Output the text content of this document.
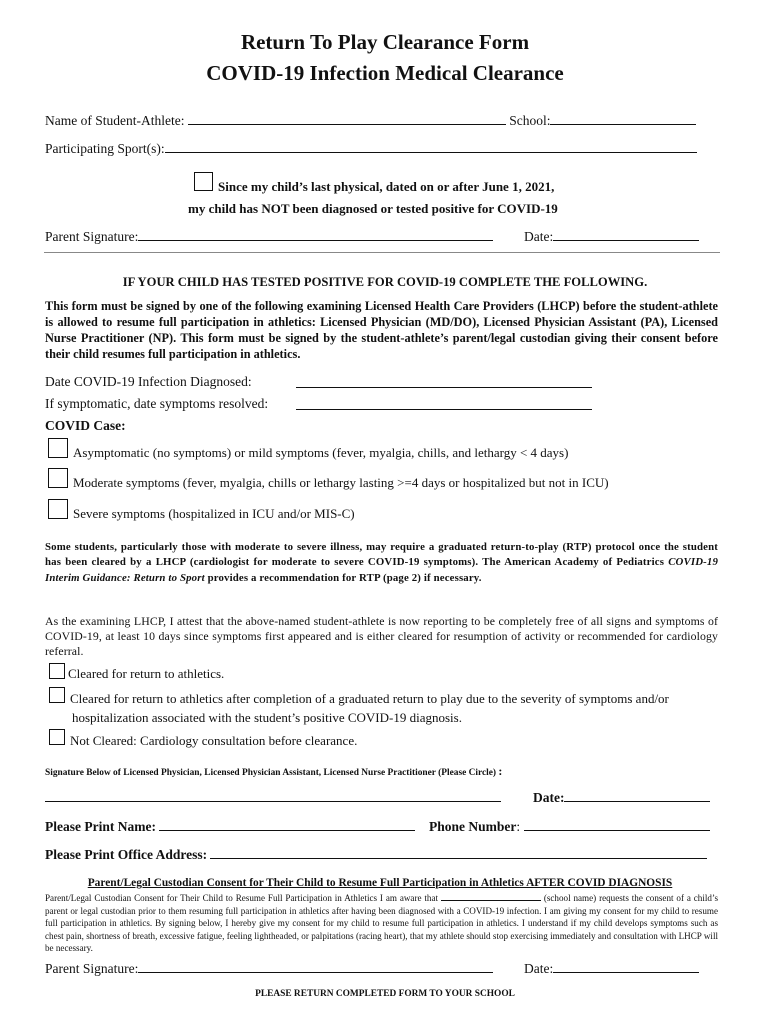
Return To Play Clearance Form
COVID-19 Infection Medical Clearance
Name of Student-Athlete:	School:
Participating Sport(s):
Since my child’s last physical, dated on or after June 1, 2021,
my child has NOT been diagnosed or tested positive for COVID-19
Parent Signature:	Date:
IF YOUR CHILD HAS TESTED POSITIVE FOR COVID-19 COMPLETE THE FOLLOWING.
This form must be signed by one of the following examining Licensed Health Care Providers (LHCP) before the student-athlete is allowed to resume full participation in athletics: Licensed Physician (MD/DO), Licensed Physician Assistant (PA), Licensed Nurse Practitioner (NP). This form must be signed by the student-athlete’s parent/legal custodian giving their consent before their child resumes full participation in athletics.
Date COVID-19 Infection Diagnosed:
If symptomatic, date symptoms resolved:
COVID Case:
Asymptomatic (no symptoms) or mild symptoms (fever, myalgia, chills, and lethargy < 4 days)
Moderate symptoms (fever, myalgia, chills or lethargy lasting >=4 days or hospitalized but not in ICU)
Severe symptoms (hospitalized in ICU and/or MIS-C)
Some students, particularly those with moderate to severe illness, may require a graduated return-to-play (RTP) protocol once the student has been cleared by a LHCP (cardiologist for moderate to severe COVID-19 symptoms). The American Academy of Pediatrics COVID-19 Interim Guidance: Return to Sport provides a recommendation for RTP (page 2) if necessary.
As the examining LHCP, I attest that the above-named student-athlete is now reporting to be completely free of all signs and symptoms of COVID-19, at least 10 days since symptoms first appeared and is either cleared for resumption of activity or recommended for cardiology referral.
Cleared for return to athletics.
Cleared for return to athletics after completion of a graduated return to play due to the severity of symptoms and/or
hospitalization associated with the student’s positive COVID-19 diagnosis.
Not Cleared: Cardiology consultation before clearance.
Signature Below of Licensed Physician, Licensed Physician Assistant, Licensed Nurse Practitioner (Please Circle) :
Date:
Please Print Name:	Phone Number:
Please Print Office Address:
Parent/Legal Custodian Consent for Their Child to Resume Full Participation in Athletics AFTER COVID DIAGNOSIS
Parent/Legal Custodian Consent for Their Child to Resume Full Participation in Athletics I am aware that	(school name) requests the consent of a child’s parent or legal custodian prior to them resuming full participation in athletics after having been diagnosed with a COVID-19 infection. I am giving my consent for my child to resume full participation in athletics. By signing below, I hereby give my consent for my child to resume full participation in athletics. I understand if my child develops symptoms such as chest pain, shortness of breath, excessive fatigue, feeling lightheaded, or palpitations (racing heart), that my athlete should stop exercising immediately and consultation with LHCP will be necessary.
Parent Signature:	Date:
PLEASE RETURN COMPLETED FORM TO YOUR SCHOOL
